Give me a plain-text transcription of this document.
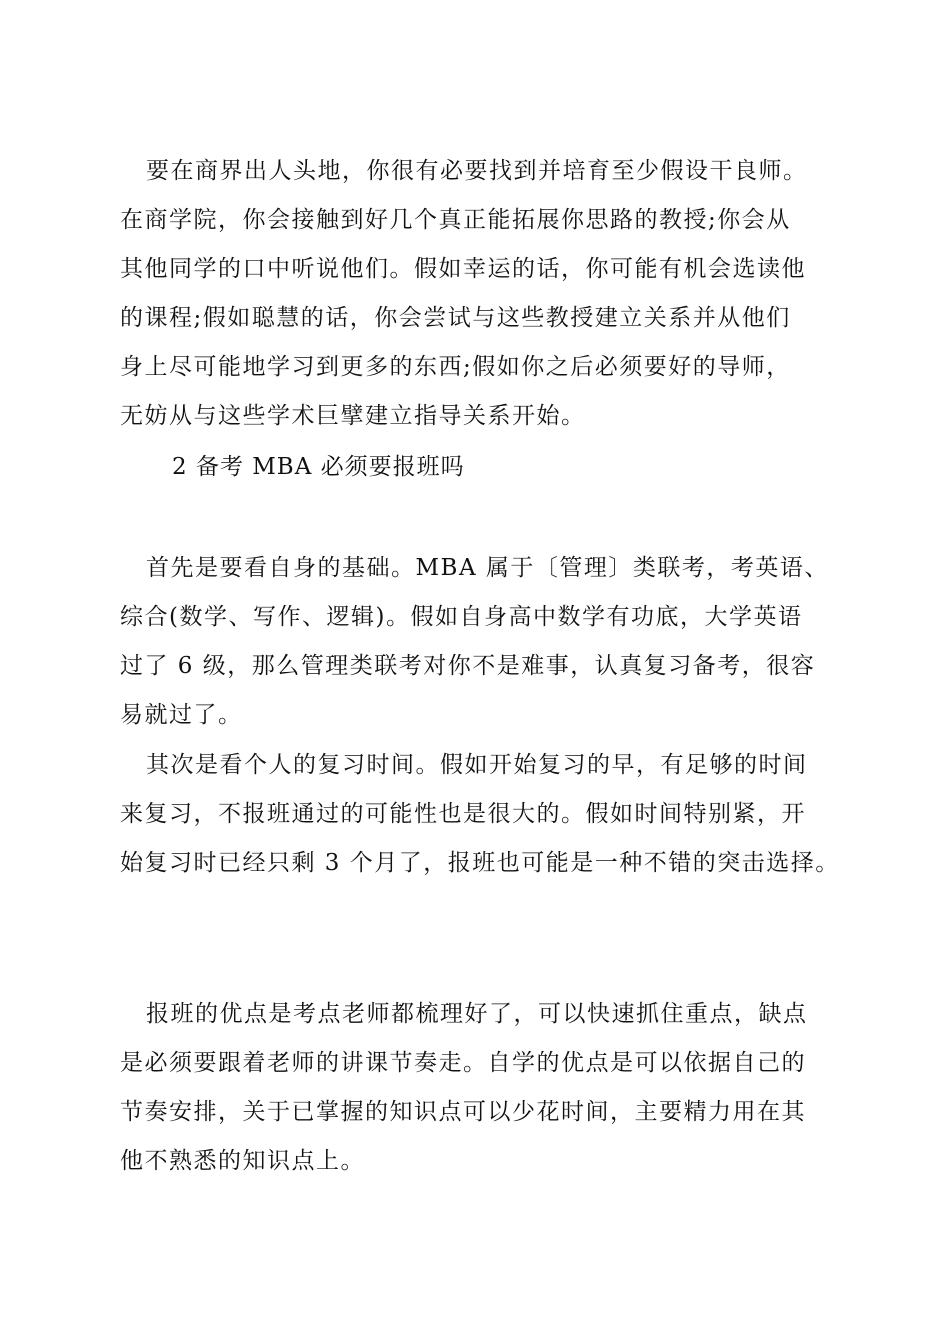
要在商界出人头地，你很有必要找到并培育至少假设干良师。
在商学院，你会接触到好几个真正能拓展你思路的教授;你会从
其他同学的口中听说他们。假如幸运的话，你可能有机会选读他
的课程;假如聪慧的话，你会尝试与这些教授建立关系并从他们
身上尽可能地学习到更多的东西;假如你之后必须要好的导师，
无妨从与这些学术巨擘建立指导关系开始。
2 备考 MBA 必须要报班吗
首先是要看自身的基础。MBA 属于〔管理〕类联考，考英语、
综合(数学、写作、逻辑)。假如自身高中数学有功底，大学英语
过了 6 级，那么管理类联考对你不是难事，认真复习备考，很容
易就过了。
其次是看个人的复习时间。假如开始复习的早，有足够的时间
来复习，不报班通过的可能性也是很大的。假如时间特别紧，开
始复习时已经只剩 3 个月了，报班也可能是一种不错的突击选择。
报班的优点是考点老师都梳理好了，可以快速抓住重点，缺点
是必须要跟着老师的讲课节奏走。自学的优点是可以依据自己的
节奏安排，关于已掌握的知识点可以少花时间，主要精力用在其
他不熟悉的知识点上。
